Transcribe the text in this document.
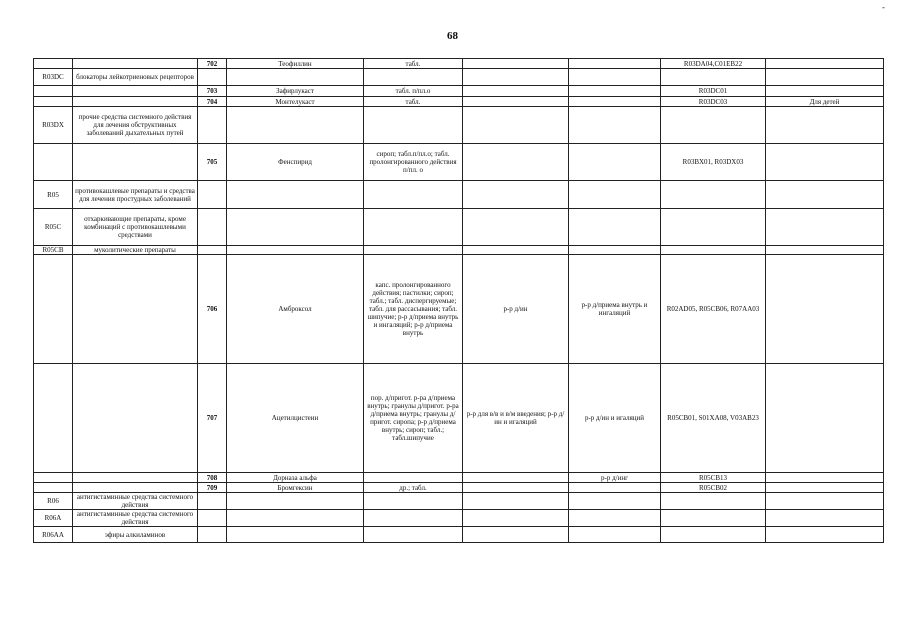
-
68
		702	Теофиллин	табл.			R03DA04,C01EB22	
R03DC	блокаторы лейкотриеновых рецепторов							
		703	Зафирлукаст	табл. п/пл.о			R03DC01	
		704	Монтелукаст	табл.			R03DC03	Для детей
R03DX	прочие средства системного действия для лечения обструктивных заболеваний дыхательных путей							
		705	Фенспирид	сироп; табл.п/пл.о; табл. пролонгированного действия п/пл. о			R03BX01, R03DX03	
R05	противокашлевые препараты и средства для лечения простудных заболеваний							
R05C	отхаркивающие препараты, кроме комбинаций с противокашлевыми средствами							
R05CB	муколитические препараты							
		706	Амброксол	капс. пролонгированного действия; пастилки; сироп; табл.; табл. диспергируемые; табл. для рассасывания; табл. шипучие; р-р д/приема внутрь и ингаляций; р-р д/приема внутрь	р-р д/ин	р-р д/приема внутрь и ингаляций	R02AD05, R05CB06, R07AA03	
		707	Ацетилцистеин	пор. д/пригот. р-ра д/приема внутрь; гранулы д/пригот. р-ра д/приема внутрь; гранулы д/пригот. сиропа; р-р д/приема внутрь; сироп; табл.; табл.шипучие	р-р для в/в и в/м введения; р-р д/ин и игаляций	р-р д/ин и игаляций	R05CB01, S01XA08, V03AB23	
		708	Дорназа альфа			р-р д/инг	R05CB13	
		709	Бромгексин	др.; табл.			R05CB02	
R06	антигистаминные средства системного действия							
R06A	антигистаминные средства системного действия							
R06AA	эфиры алкиламинов							
